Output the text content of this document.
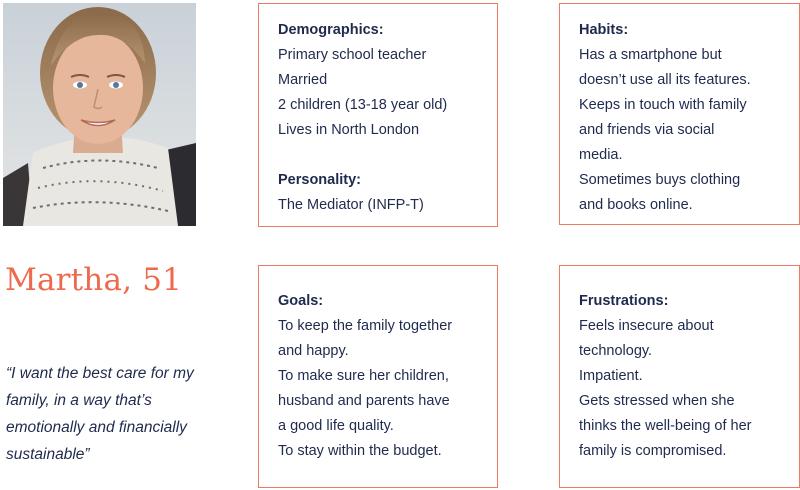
Martha, 51
“I want the best care for my family, in a way that’s emotionally and financially sustainable”
Demographics:
Primary school teacher
Married
2 children (13-18 year old)
Lives in North London
Personality:
The Mediator (INFP-T)
Habits:
Has a smartphone but
doesn’t use all its features.
Keeps in touch with family
and friends via social
media.
Sometimes buys clothing
and books online.
Goals:
To keep the family together
and happy.
To make sure her children,
husband and parents have
a good life quality.
To stay within the budget.
Frustrations:
Feels insecure about
technology.
Impatient.
Gets stressed when she
thinks the well-being of her
family is compromised.
